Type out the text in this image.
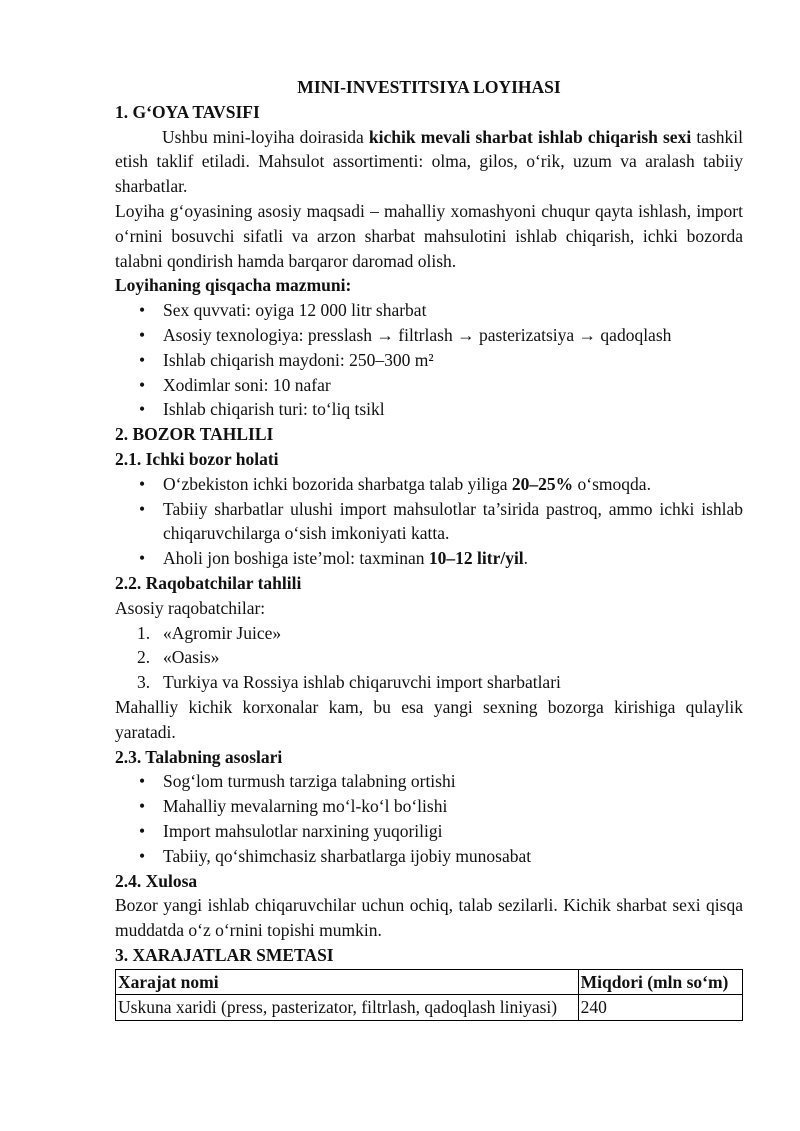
MINI-INVESTITSIYA LOYIHASI
1. G‘OYA TAVSIFI
Ushbu mini-loyiha doirasida kichik mevali sharbat ishlab chiqarish sexi tashkil etish taklif etiladi. Mahsulot assortimenti: olma, gilos, o‘rik, uzum va aralash tabiiy sharbatlar.
Loyiha g‘oyasining asosiy maqsadi – mahalliy xomashyoni chuqur qayta ishlash, import o‘rnini bosuvchi sifatli va arzon sharbat mahsulotini ishlab chiqarish, ichki bozorda talabni qondirish hamda barqaror daromad olish.
Loyihaning qisqacha mazmuni:
• Sex quvvati: oyiga 12 000 litr sharbat
• Asosiy texnologiya: presslash → filtrlash → pasterizatsiya → qadoqlash
• Ishlab chiqarish maydoni: 250–300 m²
• Xodimlar soni: 10 nafar
• Ishlab chiqarish turi: to‘liq tsikl
2. BOZOR TAHLILI
2.1. Ichki bozor holati
• O‘zbekiston ichki bozorida sharbatga talab yiliga 20–25% o‘smoqda.
• Tabiiy sharbatlar ulushi import mahsulotlar ta’sirida pastroq, ammo ichki ishlab chiqaruvchilarga o‘sish imkoniyati katta.
• Aholi jon boshiga iste’mol: taxminan 10–12 litr/yil.
2.2. Raqobatchilar tahlili
Asosiy raqobatchilar:
1. «Agromir Juice»
2. «Oasis»
3. Turkiya va Rossiya ishlab chiqaruvchi import sharbatlari
Mahalliy kichik korxonalar kam, bu esa yangi sexning bozorga kirishiga qulaylik yaratadi.
2.3. Talabning asoslari
• Sog‘lom turmush tarziga talabning ortishi
• Mahalliy mevalarning mo‘l-ko‘l bo‘lishi
• Import mahsulotlar narxining yuqoriligi
• Tabiiy, qo‘shimchasiz sharbatlarga ijobiy munosabat
2.4. Xulosa
Bozor yangi ishlab chiqaruvchilar uchun ochiq, talab sezilarli. Kichik sharbat sexi qisqa muddatda o‘z o‘rnini topishi mumkin.
3. XARAJATLAR SMETASI
Xarajat nomi	Miqdori (mln so‘m)
Uskuna xaridi (press, pasterizator, filtrlash, qadoqlash liniyasi)	240
